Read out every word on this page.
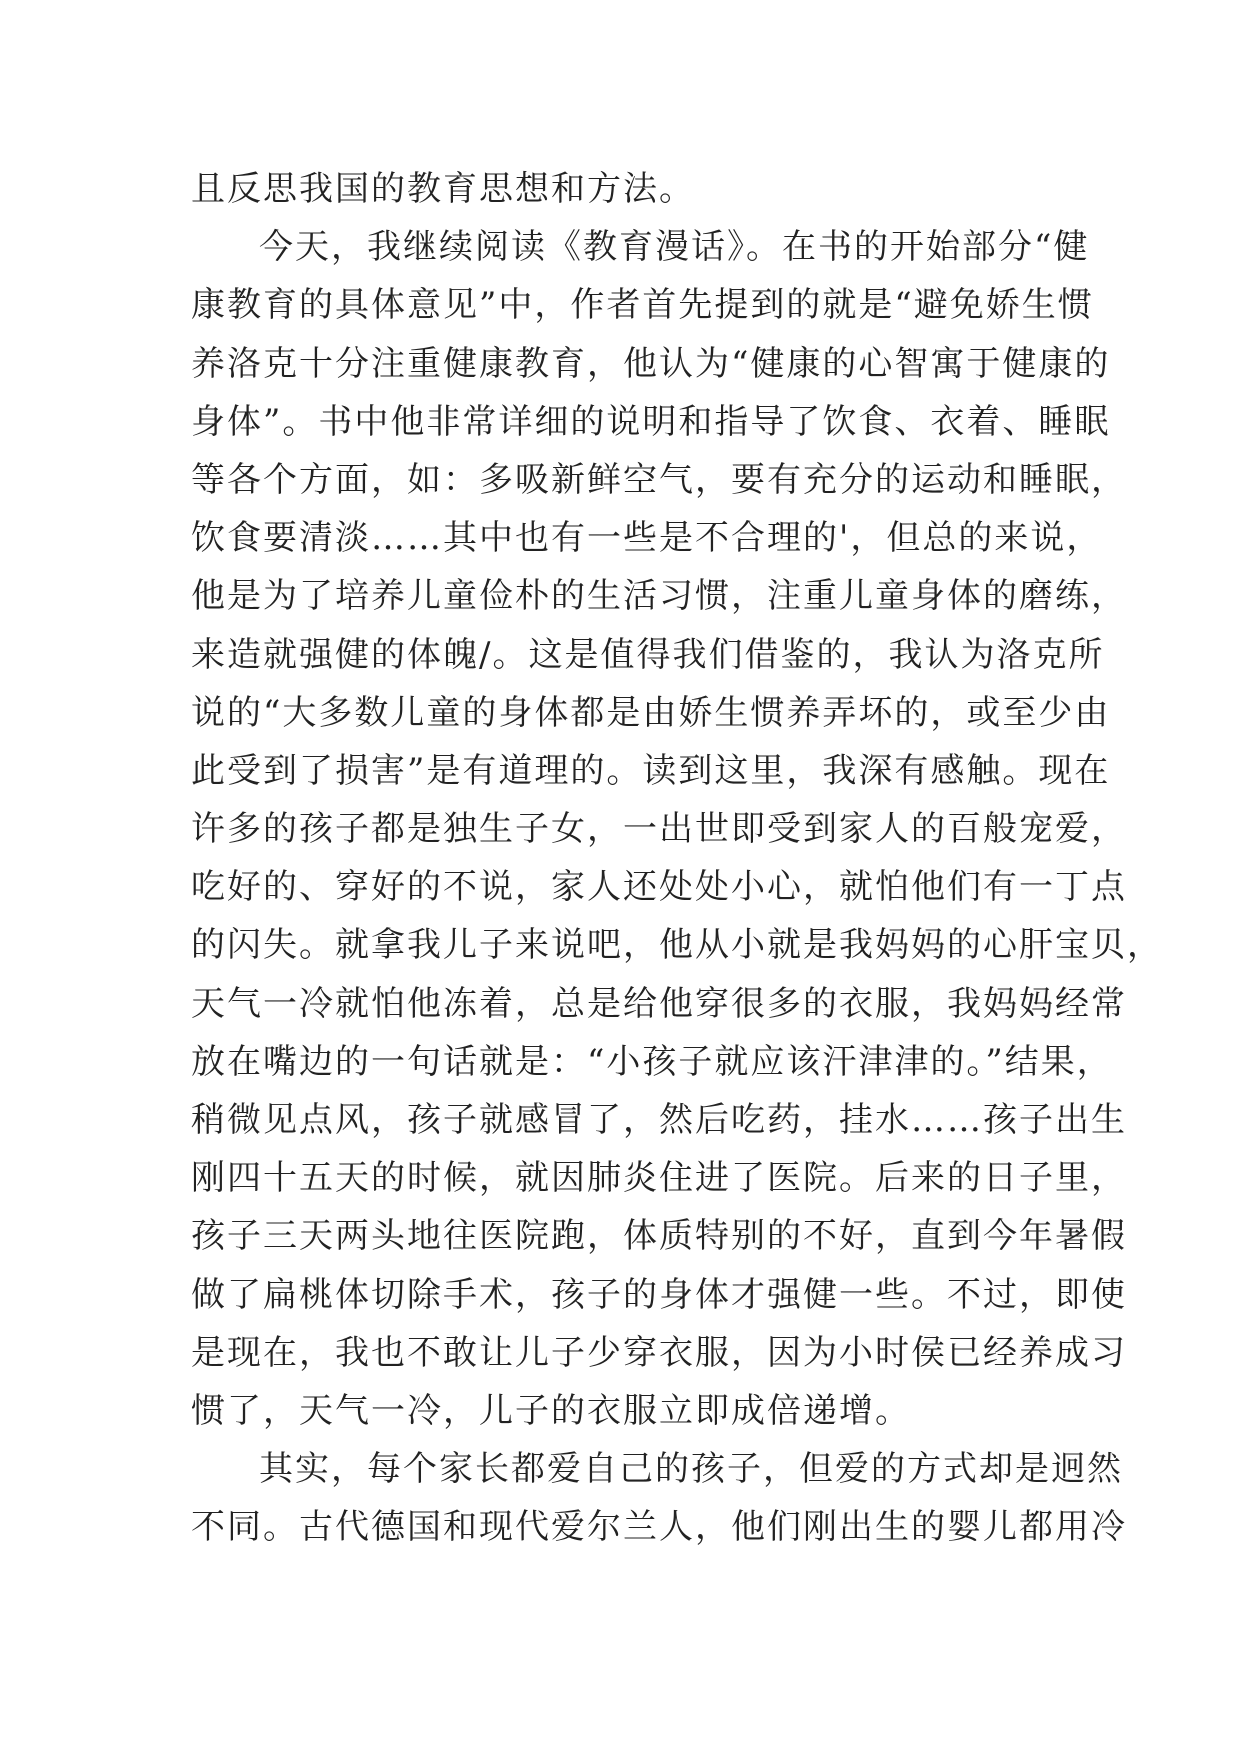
且反思我国的教育思想和方法。
今天，我继续阅读《教育漫话》。在书的开始部分“健
康教育的具体意见”中，作者首先提到的就是“避免娇生惯
养洛克十分注重健康教育，他认为“健康的心智寓于健康的
身体”。书中他非常详细的说明和指导了饮食、衣着、睡眠
等各个方面，如：多吸新鲜空气，要有充分的运动和睡眠，
饮食要清淡……其中也有一些是不合理的'，但总的来说，
他是为了培养儿童俭朴的生活习惯，注重儿童身体的磨练，
来造就强健的体魄/。这是值得我们借鉴的，我认为洛克所
说的“大多数儿童的身体都是由娇生惯养弄坏的，或至少由
此受到了损害”是有道理的。读到这里，我深有感触。现在
许多的孩子都是独生子女，一出世即受到家人的百般宠爱，
吃好的、穿好的不说，家人还处处小心，就怕他们有一丁点
的闪失。就拿我儿子来说吧，他从小就是我妈妈的心肝宝贝，
天气一冷就怕他冻着，总是给他穿很多的衣服，我妈妈经常
放在嘴边的一句话就是：“小孩子就应该汗津津的。”结果，
稍微见点风，孩子就感冒了，然后吃药，挂水……孩子出生
刚四十五天的时候，就因肺炎住进了医院。后来的日子里，
孩子三天两头地往医院跑，体质特别的不好，直到今年暑假
做了扁桃体切除手术，孩子的身体才强健一些。不过，即使
是现在，我也不敢让儿子少穿衣服，因为小时侯已经养成习
惯了，天气一冷，儿子的衣服立即成倍递增。
其实，每个家长都爱自己的孩子，但爱的方式却是迥然
不同。古代德国和现代爱尔兰人，他们刚出生的婴儿都用冷
